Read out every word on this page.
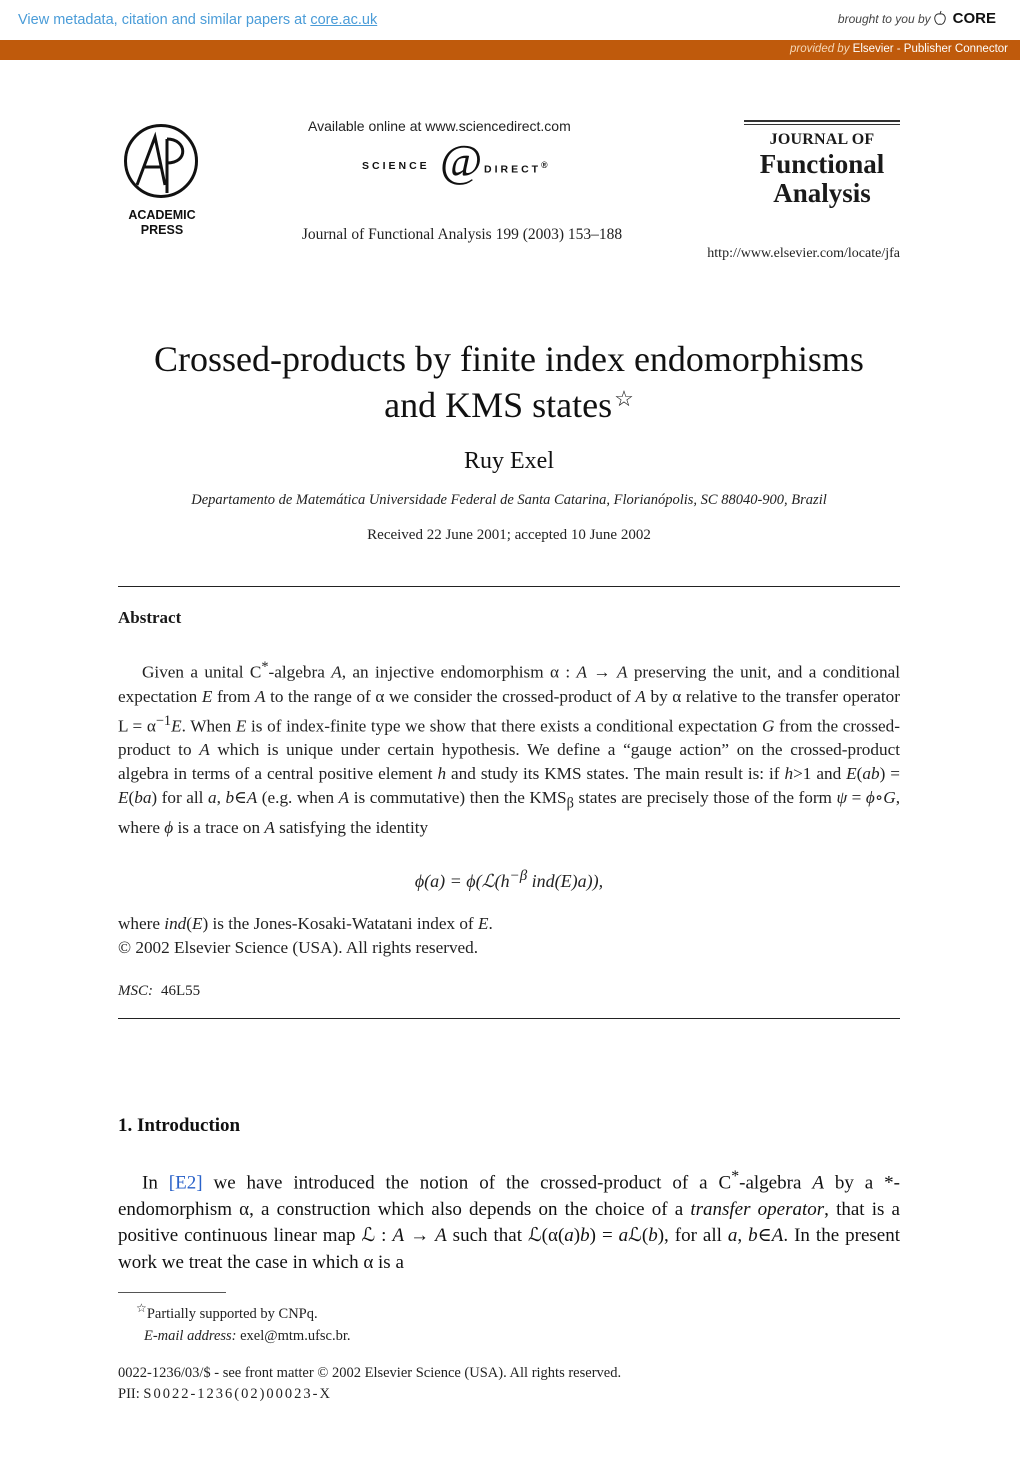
View metadata, citation and similar papers at core.ac.uk	brought to you by CORE
provided by Elsevier - Publisher Connector
ACADEMIC
PRESS
Available online at www.sciencedirect.com
SCIENCE @ DIRECT®
Journal of Functional Analysis 199 (2003) 153–188
JOURNAL OF
Functional
Analysis
http://www.elsevier.com/locate/jfa
Crossed-products by finite index endomorphisms
and KMS states☆
Ruy Exel
Departamento de Matemática Universidade Federal de Santa Catarina, Florianópolis, SC 88040-900, Brazil
Received 22 June 2001; accepted 10 June 2002
Abstract
Given a unital C*-algebra A, an injective endomorphism α : A → A preserving the unit, and a conditional expectation E from A to the range of α we consider the crossed-product of A by α relative to the transfer operator $L = \alpha^{-1}E$. When E is of index-finite type we show that there exists a conditional expectation G from the crossed-product to A which is unique under certain hypothesis. We define a “gauge action” on the crossed-product algebra in terms of a central positive element h and study its KMS states. The main result is: if h>1 and E(ab) = E(ba) for all a, b∈A (e.g. when A is commutative) then the $KMS_\beta$ states are precisely those of the form ψ = ϕ∘G, where ϕ is a trace on A satisfying the identity
$\phi(a) = \phi(ℒ(h^{-\beta}$ ind(E)a)),
where ind(E) is the Jones-Kosaki-Watatani index of E.
© 2002 Elsevier Science (USA). All rights reserved.
MSC: 46L55
1. Introduction
In [E2] we have introduced the notion of the crossed-product of a C*-algebra A by a *-endomorphism α, a construction which also depends on the choice of a transfer operator, that is a positive continuous linear map ℒ : A → A such that ℒ(α(a)b) = aℒ(b), for all a, b∈A. In the present work we treat the case in which α is a
☆Partially supported by CNPq.
E-mail address: exel@mtm.ufsc.br.
0022-1236/03/$ - see front matter © 2002 Elsevier Science (USA). All rights reserved.
PII: S0022-1236(02)00023-X
